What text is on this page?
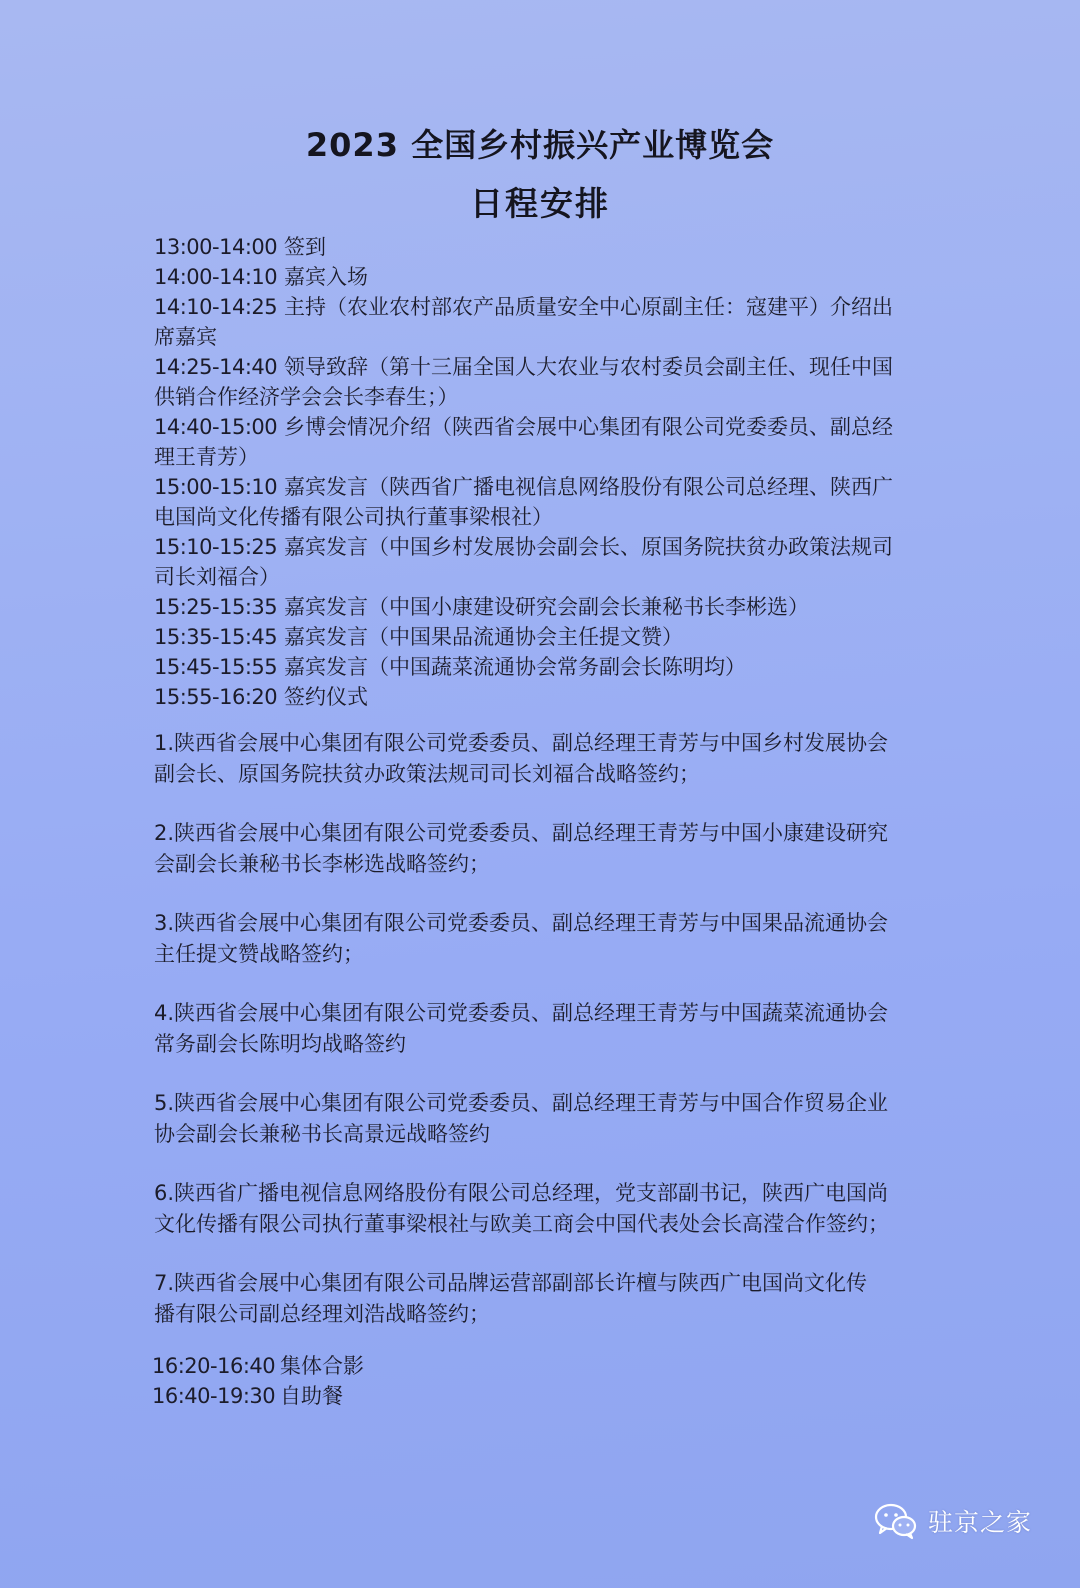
2023 全国乡村振兴产业博览会
日程安排
13:00-14:00 签到
14:00-14:10 嘉宾入场
14:10-14:25 主持（农业农村部农产品质量安全中心原副主任：寇建平）介绍出
席嘉宾
14:25-14:40 领导致辞（第十三届全国人大农业与农村委员会副主任、现任中国
供销合作经济学会会长李春生；）
14:40-15:00 乡博会情况介绍（陕西省会展中心集团有限公司党委委员、副总经
理王青芳）
15:00-15:10 嘉宾发言（陕西省广播电视信息网络股份有限公司总经理、陕西广
电国尚文化传播有限公司执行董事梁根社）
15:10-15:25 嘉宾发言（中国乡村发展协会副会长、原国务院扶贫办政策法规司
司长刘福合）
15:25-15:35 嘉宾发言（中国小康建设研究会副会长兼秘书长李彬选）
15:35-15:45 嘉宾发言（中国果品流通协会主任提文赞）
15:45-15:55 嘉宾发言（中国蔬菜流通协会常务副会长陈明均）
15:55-16:20 签约仪式
1.陕西省会展中心集团有限公司党委委员、副总经理王青芳与中国乡村发展协会
副会长、原国务院扶贫办政策法规司司长刘福合战略签约；
2.陕西省会展中心集团有限公司党委委员、副总经理王青芳与中国小康建设研究
会副会长兼秘书长李彬选战略签约；
3.陕西省会展中心集团有限公司党委委员、副总经理王青芳与中国果品流通协会
主任提文赞战略签约；
4.陕西省会展中心集团有限公司党委委员、副总经理王青芳与中国蔬菜流通协会
常务副会长陈明均战略签约
5.陕西省会展中心集团有限公司党委委员、副总经理王青芳与中国合作贸易企业
协会副会长兼秘书长高景远战略签约
6.陕西省广播电视信息网络股份有限公司总经理，党支部副书记，陕西广电国尚
文化传播有限公司执行董事梁根社与欧美工商会中国代表处会长高滢合作签约；
7.陕西省会展中心集团有限公司品牌运营部副部长许檀与陕西广电国尚文化传
播有限公司副总经理刘浩战略签约；
16:20-16:40 集体合影
16:40-19:30 自助餐
驻京之家
